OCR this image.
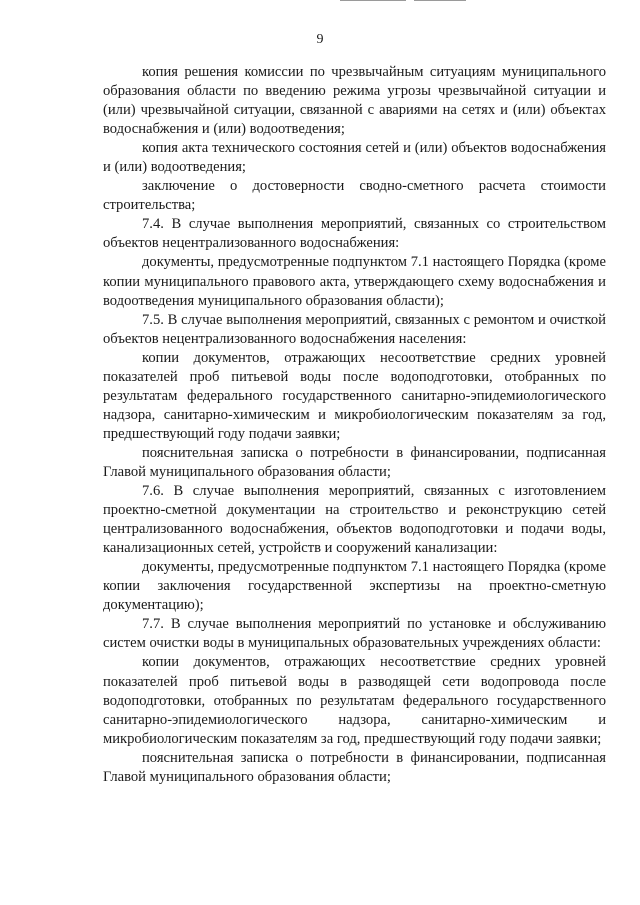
9

копия решения комиссии по чрезвычайным ситуациям муниципального образования области по введению режима угрозы чрезвычайной ситуации и (или) чрезвычайной ситуации, связанной с авариями на сетях и (или) объектах водоснабжения и (или) водоотведения;

копия акта технического состояния сетей и (или) объектов водоснабжения и (или) водоотведения;

заключение о достоверности сводно-сметного расчета стоимости строительства;

7.4. В случае выполнения мероприятий, связанных со строительством объектов нецентрализованного водоснабжения:

документы, предусмотренные подпунктом 7.1 настоящего Порядка (кроме копии муниципального правового акта, утверждающего схему водоснабжения и водоотведения муниципального образования области);

7.5. В случае выполнения мероприятий, связанных с ремонтом и очисткой объектов нецентрализованного водоснабжения населения:

копии документов, отражающих несоответствие средних уровней показателей проб питьевой воды после водоподготовки, отобранных по результатам федерального государственного санитарно-эпидемиологического надзора, санитарно-химическим и микробиологическим показателям за год, предшествующий году подачи заявки;

пояснительная записка о потребности в финансировании, подписанная Главой муниципального образования области;

7.6. В случае выполнения мероприятий, связанных с изготовлением проектно-сметной документации на строительство и реконструкцию сетей централизованного водоснабжения, объектов водоподготовки и подачи воды, канализационных сетей, устройств и сооружений канализации:

документы, предусмотренные подпунктом 7.1 настоящего Порядка (кроме копии заключения государственной экспертизы на проектно-сметную документацию);

7.7. В случае выполнения мероприятий по установке и обслуживанию систем очистки воды в муниципальных образовательных учреждениях области:

копии документов, отражающих несоответствие средних уровней показателей проб питьевой воды в разводящей сети водопровода после водоподготовки, отобранных по результатам федерального государственного санитарно-эпидемиологического надзора, санитарно-химическим и микробиологическим показателям за год, предшествующий году подачи заявки;

пояснительная записка о потребности в финансировании, подписанная Главой муниципального образования области;
